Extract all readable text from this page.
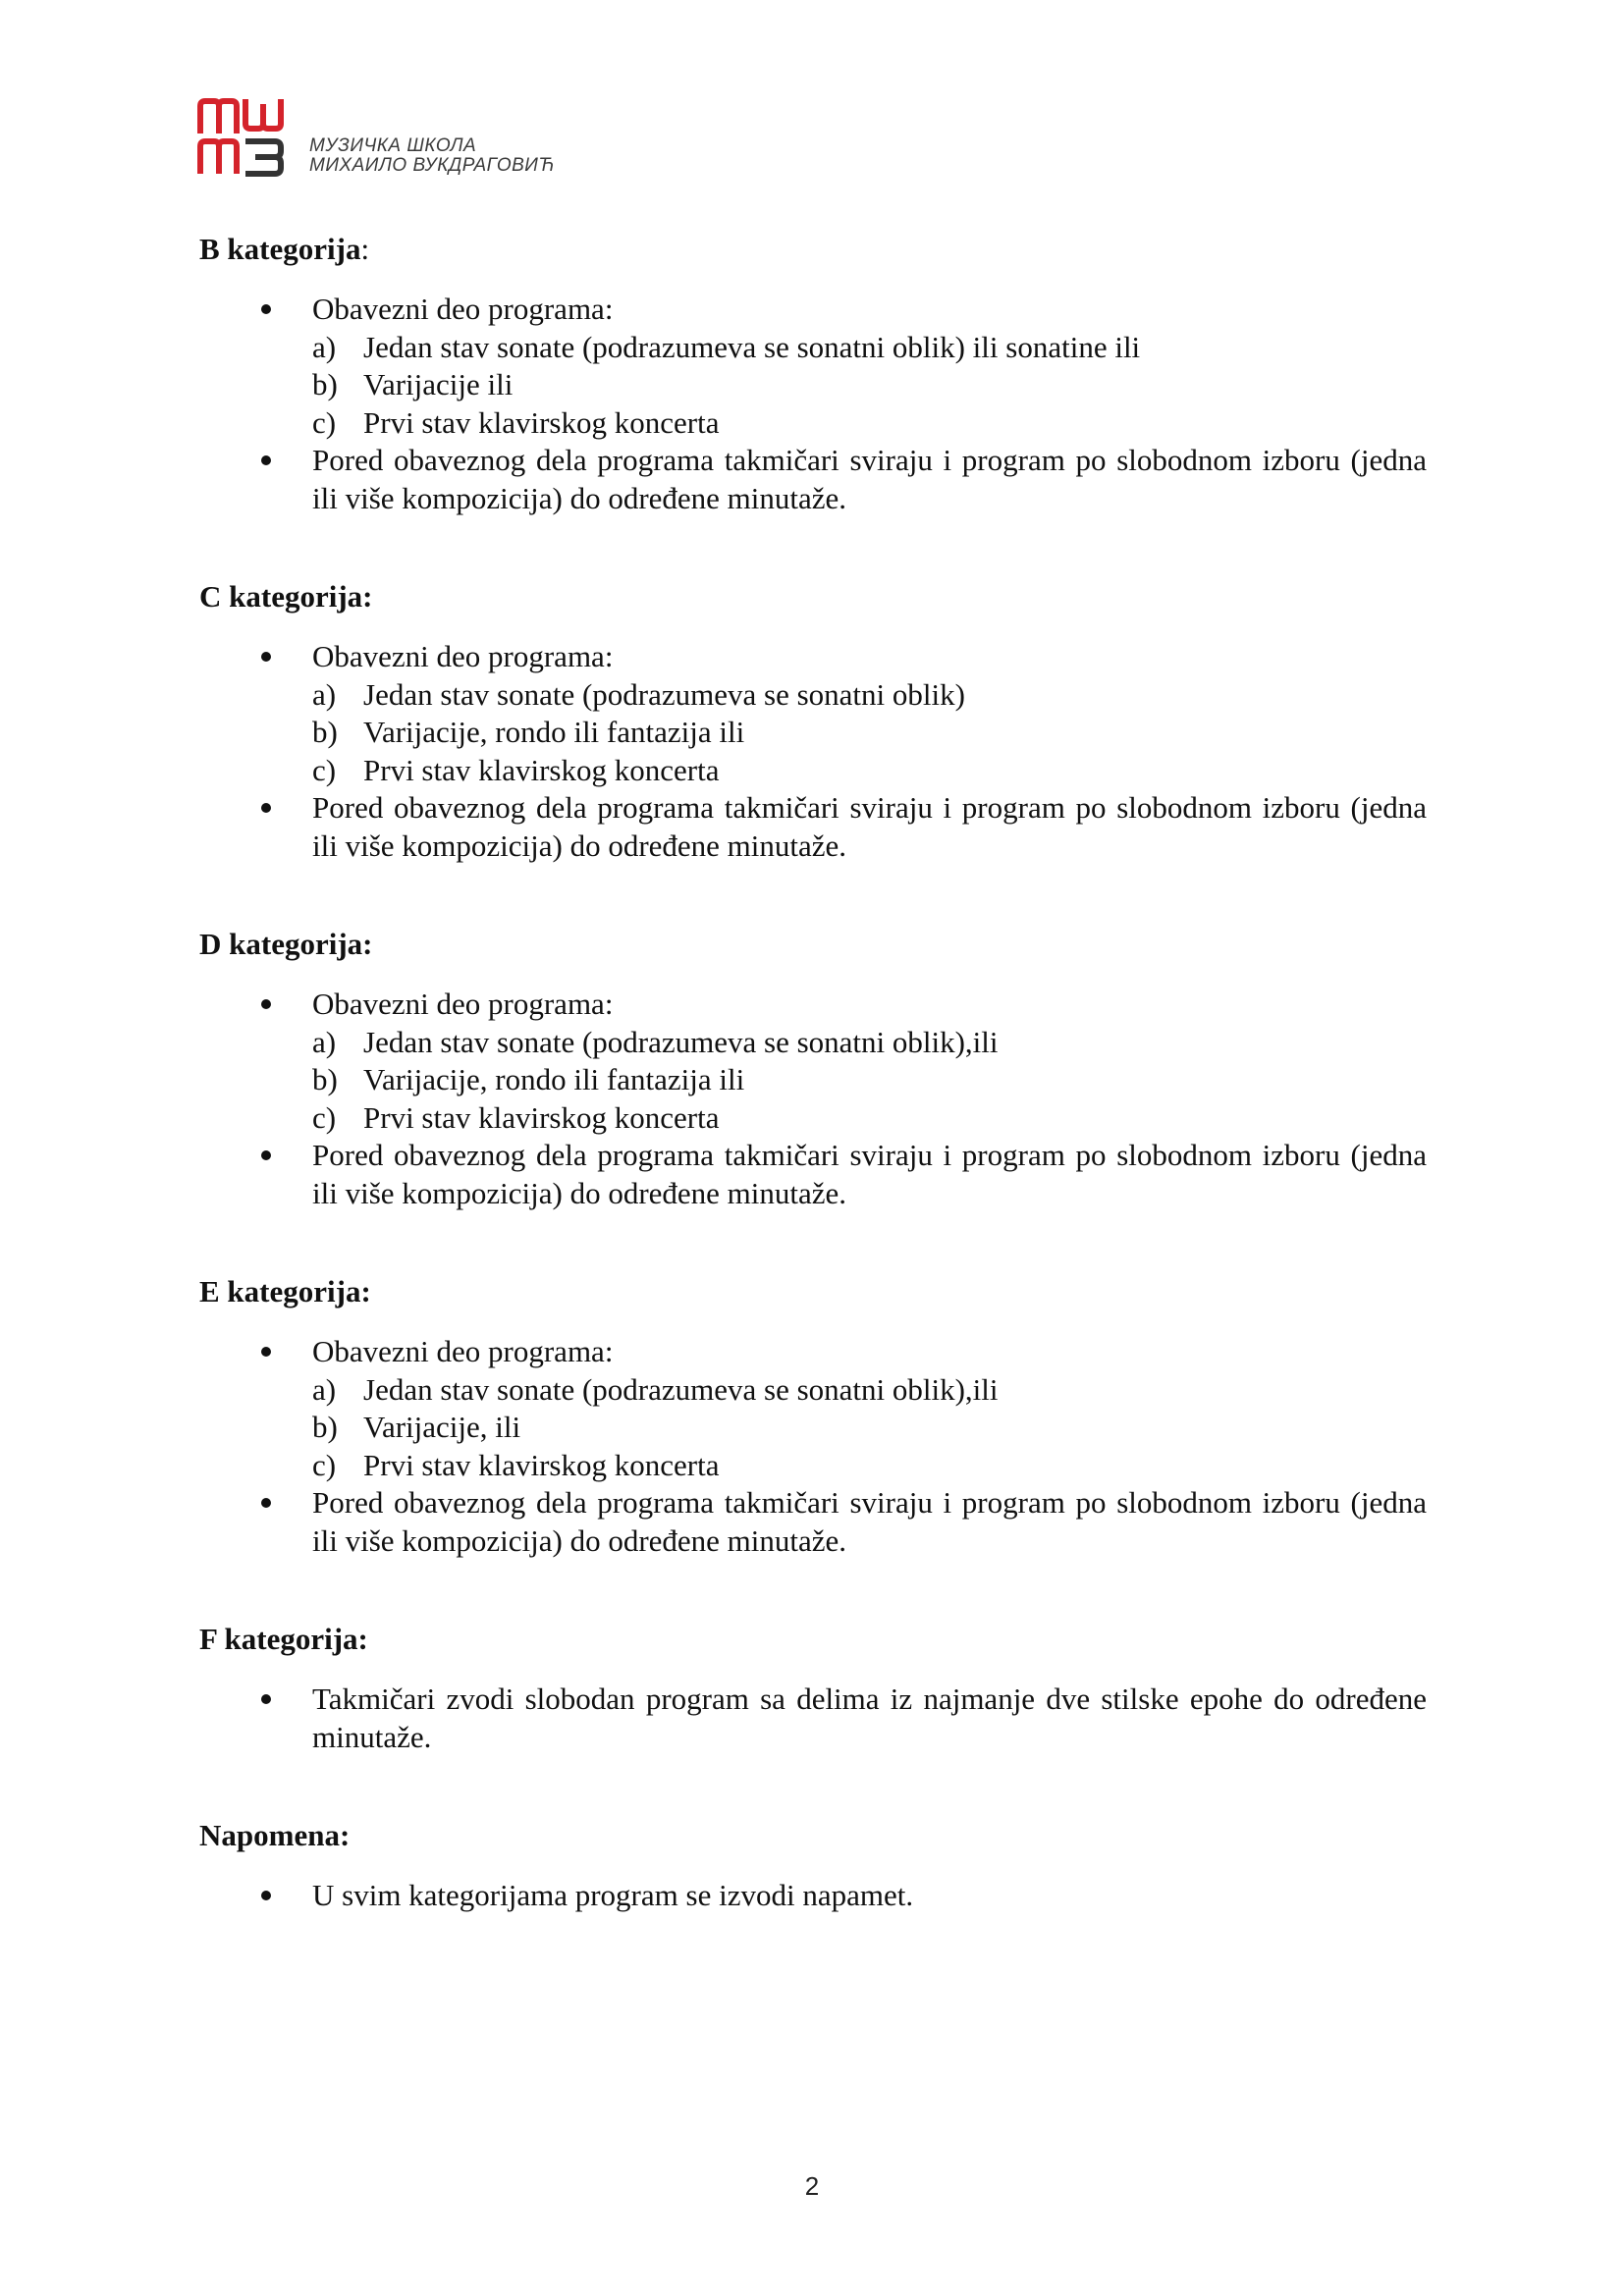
МУЗИЧКА ШКОЛА
МИХАИЛО ВУКДРАГОВИЋ
B kategorija:
Obavezni deo programa:
a) Jedan stav sonate (podrazumeva se sonatni oblik) ili sonatine ili
b) Varijacije ili
c) Prvi stav klavirskog koncerta
Pored obaveznog dela programa takmičari sviraju i program po slobodnom izboru (jedna ili više kompozicija) do određene minutaže.
C kategorija:
Obavezni deo programa:
a) Jedan stav sonate (podrazumeva se sonatni oblik)
b) Varijacije, rondo ili fantazija ili
c) Prvi stav klavirskog koncerta
Pored obaveznog dela programa takmičari sviraju i program po slobodnom izboru (jedna ili više kompozicija) do određene minutaže.
D kategorija:
Obavezni deo programa:
a) Jedan stav sonate (podrazumeva se sonatni oblik),ili
b) Varijacije, rondo ili fantazija ili
c) Prvi stav klavirskog koncerta
Pored obaveznog dela programa takmičari sviraju i program po slobodnom izboru (jedna ili više kompozicija) do određene minutaže.
E kategorija:
Obavezni deo programa:
a) Jedan stav sonate (podrazumeva se sonatni oblik),ili
b) Varijacije, ili
c) Prvi stav klavirskog koncerta
Pored obaveznog dela programa takmičari sviraju i program po slobodnom izboru (jedna ili više kompozicija) do određene minutaže.
F kategorija:
Takmičari zvodi slobodan program sa delima iz najmanje dve stilske epohe do određene minutaže.
Napomena:
U svim kategorijama program se izvodi napamet.
2
